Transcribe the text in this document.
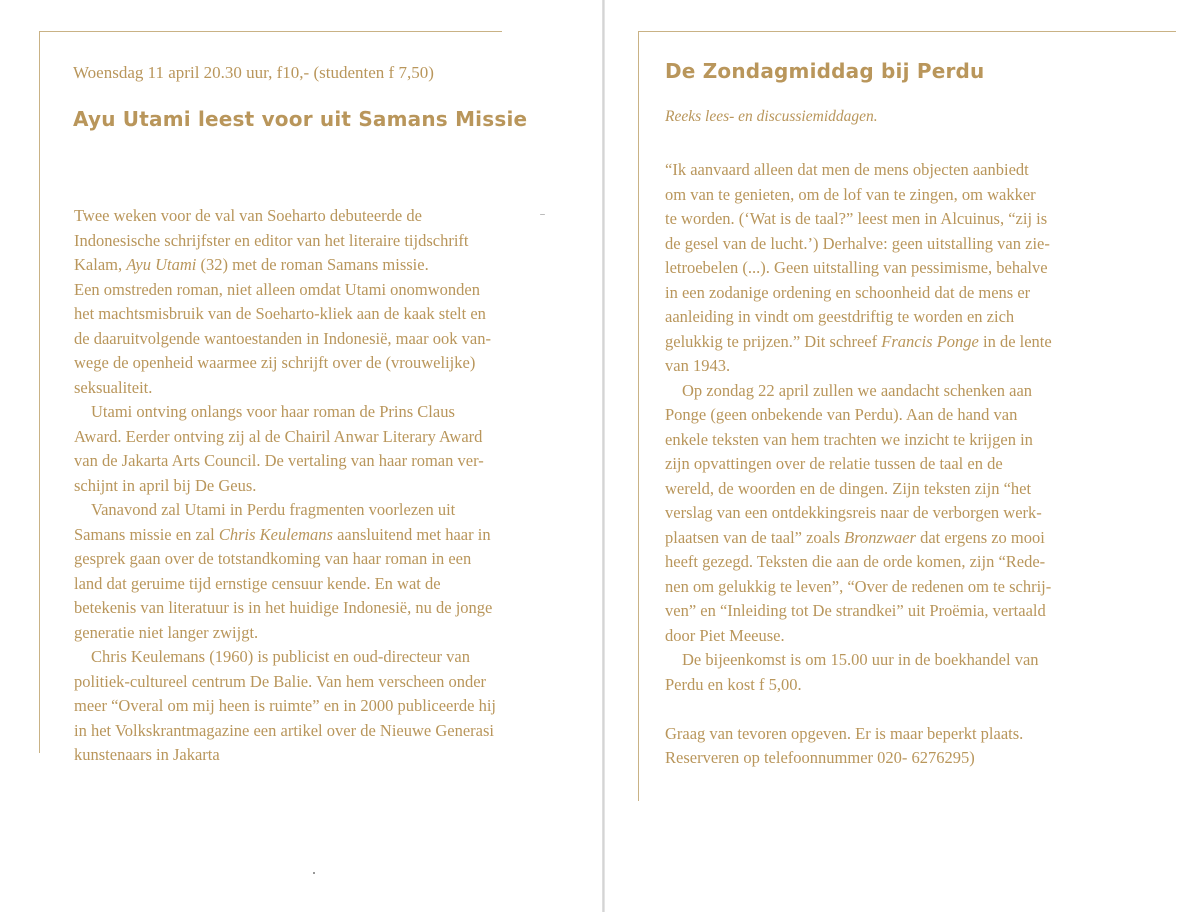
Woensdag 11 april 20.30 uur, f10,- (studenten f 7,50)

Ayu Utami leest voor uit Samans Missie
Twee weken voor de val van Soeharto debuteerde de
Indonesische schrijfster en editor van het literaire tijdschrift
Kalam, Ayu Utami (32) met de roman Samans missie.
Een omstreden roman, niet alleen omdat Utami onomwonden
het machtsmisbruik van de Soeharto-kliek aan de kaak stelt en
de daaruitvolgende wantoestanden in Indonesië, maar ook van-
wege de openheid waarmee zij schrijft over de (vrouwelijke)
seksualiteit.
Utami ontving onlangs voor haar roman de Prins Claus
Award. Eerder ontving zij al de Chairil Anwar Literary Award
van de Jakarta Arts Council. De vertaling van haar roman ver-
schijnt in april bij De Geus.
Vanavond zal Utami in Perdu fragmenten voorlezen uit
Samans missie en zal Chris Keulemans aansluitend met haar in
gesprek gaan over de totstandkoming van haar roman in een
land dat geruime tijd ernstige censuur kende. En wat de
betekenis van literatuur is in het huidige Indonesië, nu de jonge
generatie niet langer zwijgt.
Chris Keulemans (1960) is publicist en oud-directeur van
politiek-cultureel centrum De Balie. Van hem verscheen onder
meer “Overal om mij heen is ruimte” en in 2000 publiceerde hij
in het Volkskrantmagazine een artikel over de Nieuwe Generasi
kunstenaars in Jakarta
De Zondagmiddag bij Perdu

Reeks lees- en discussiemiddagen.

“Ik aanvaard alleen dat men de mens objecten aanbiedt
om van te genieten, om de lof van te zingen, om wakker
te worden. (‘Wat is de taal?” leest men in Alcuinus, “zij is
de gesel van de lucht.’) Derhalve: geen uitstalling van zie-
letroebelen (...). Geen uitstalling van pessimisme, behalve
in een zodanige ordening en schoonheid dat de mens er
aanleiding in vindt om geestdriftig te worden en zich
gelukkig te prijzen.” Dit schreef Francis Ponge in de lente
van 1943.
Op zondag 22 april zullen we aandacht schenken aan
Ponge (geen onbekende van Perdu). Aan de hand van
enkele teksten van hem trachten we inzicht te krijgen in
zijn opvattingen over de relatie tussen de taal en de
wereld, de woorden en de dingen. Zijn teksten zijn “het
verslag van een ontdekkingsreis naar de verborgen werk-
plaatsen van de taal” zoals Bronzwaer dat ergens zo mooi
heeft gezegd. Teksten die aan de orde komen, zijn “Rede-
nen om gelukkig te leven”, “Over de redenen om te schrij-
ven” en “Inleiding tot De strandkei” uit Proëmia, vertaald
door Piet Meeuse.
De bijeenkomst is om 15.00 uur in de boekhandel van
Perdu en kost f 5,00.
Graag van tevoren opgeven. Er is maar beperkt plaats.
Reserveren op telefoonnummer 020- 6276295)
